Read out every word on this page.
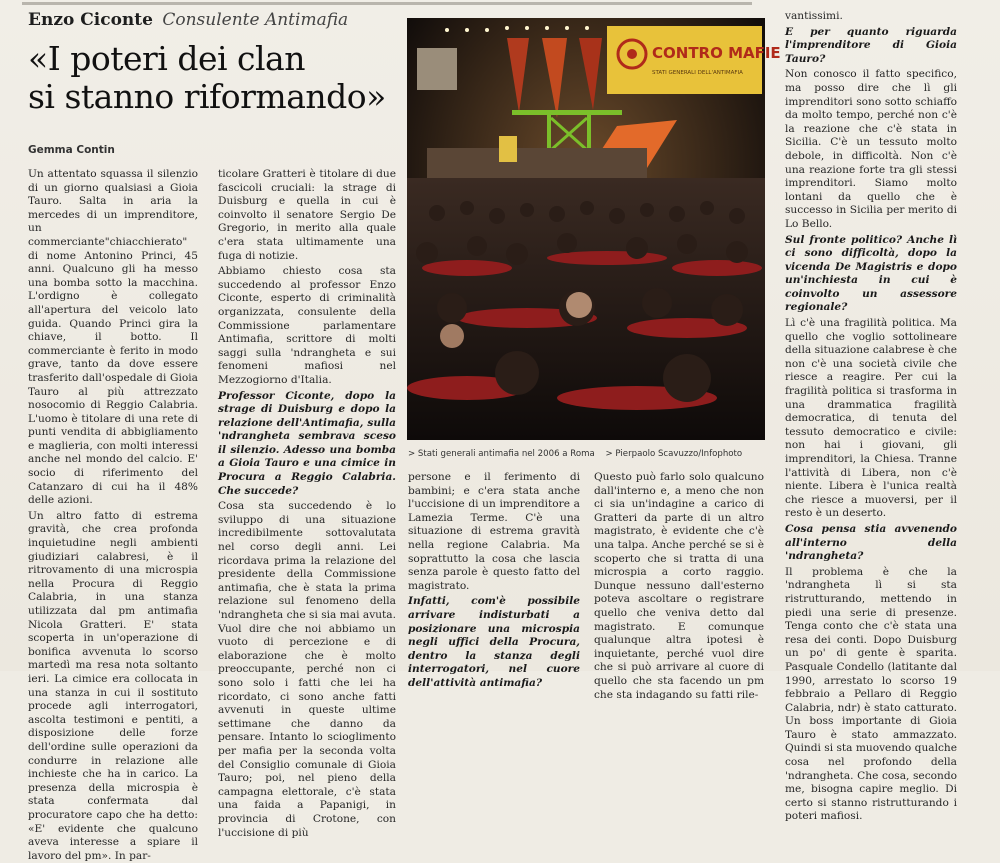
Enzo Ciconte Consulente Antimafia
«I poteri dei clan
si stanno riformando»
Gemma Contin

Un attentato squassa il silenzio di un giorno qualsiasi a Gioia Tauro. Salta in aria la mercedes di un imprenditore, un commerciante"chiacchierato" di nome Antonino Princi, 45 anni. Qualcuno gli ha messo una bomba sotto la macchina. L'ordigno è collegato all'apertura del veicolo lato guida. Quando Princi gira la chiave, il botto. Il commerciante è ferito in modo grave, tanto da dove essere trasferito dall'ospedale di Gioia Tauro al più attrezzato nosocomio di Reggio Calabria. L'uomo è titolare di una rete di punti vendita di abbigliamento e maglieria, con molti interessi anche nel mondo del calcio. E' socio di riferimento del Catanzaro di cui ha il 48% delle azioni.

Un altro fatto di estrema gravità, che crea profonda inquietudine negli ambienti giudiziari calabresi, è il ritrovamento di una microspia nella Procura di Reggio Calabria, in una stanza utilizzata dal pm antimafia Nicola Gratteri. E' stata scoperta in un'operazione di bonifica avvenuta lo scorso martedì ma resa nota soltanto ieri. La cimice era collocata in una stanza in cui il sostituto procede agli interrogatori, ascolta testimoni e pentiti, a disposizione delle forze dell'ordine sulle operazioni da condurre in relazione alle inchieste che ha in carico. La presenza della microspia è stata confermata dal procuratore capo che ha detto: «E' evidente che qualcuno aveva interesse a spiare il lavoro del pm». In par-

ticolare Gratteri è titolare di due fascicoli cruciali: la strage di Duisburg e quella in cui è coinvolto il senatore Sergio De Gregorio, in merito alla quale c'era stata ultimamente una fuga di notizie.

Abbiamo chiesto cosa sta succedendo al professor Enzo Ciconte, esperto di criminalità organizzata, consulente della Commissione parlamentare Antimafia, scrittore di molti saggi sulla 'ndrangheta e sui fenomeni mafiosi nel Mezzogiorno d'Italia.

Professor Ciconte, dopo la strage di Duisburg e dopo la relazione dell'Antimafia, sulla 'ndrangheta sembrava sceso il silenzio. Adesso una bomba a Gioia Tauro e una cimice in Procura a Reggio Calabria. Che succede?

Cosa sta succedendo è lo sviluppo di una situazione incredibilmente sottovalutata nel corso degli anni. Lei ricordava prima la relazione del presidente della Commissione antimafia, che è stata la prima relazione sul fenomeno della 'ndrangheta che si sia mai avuta. Vuol dire che noi abbiamo un vuoto di percezione e di elaborazione che è molto preoccupante, perché non ci sono solo i fatti che lei ha ricordato, ci sono anche fatti avvenuti in queste ultime settimane che danno da pensare. Intanto lo scioglimento per mafia per la seconda volta del Consiglio comunale di Gioia Tauro; poi, nel pieno della campagna elettorale, c'è stata una faida a Papanigi, in provincia di Crotone, con l'uccisione di più

CONTRO MAFIE
STATI GENERALI DELL'ANTIMAFIA
> Stati generali antimafia nel 2006 a Roma > Pierpaolo Scavuzzo/Infophoto

persone e il ferimento di bambini; e c'era stata anche l'uccisione di un imprenditore a Lamezia Terme. C'è una situazione di estrema gravità nella regione Calabria. Ma soprattutto la cosa che lascia senza parole è questo fatto del magistrato.

Infatti, com'è possibile arrivare indisturbati a posizionare una microspia negli uffici della Procura, dentro la stanza degli interrogatori, nel cuore dell'attività antimafia?

Questo può farlo solo qualcuno dall'interno e, a meno che non ci sia un'indagine a carico di Gratteri da parte di un altro magistrato, è evidente che c'è una talpa. Anche perché se si è scoperto che si tratta di una microspia a corto raggio. Dunque nessuno dall'esterno poteva ascoltare o registrare quello che veniva detto dal magistrato. E comunque qualunque altra ipotesi è inquietante, perché vuol dire che si può arrivare al cuore di quello che sta facendo un pm che sta indagando su fatti rile-

vantissimi.

E per quanto riguarda l'imprenditore di Gioia Tauro?

Non conosco il fatto specifico, ma posso dire che lì gli imprenditori sono sotto schiaffo da molto tempo, perché non c'è la reazione che c'è stata in Sicilia. C'è un tessuto molto debole, in difficoltà. Non c'è una reazione forte tra gli stessi imprenditori. Siamo molto lontani da quello che è successo in Sicilia per merito di Lo Bello.

Sul fronte politico? Anche lì ci sono difficoltà, dopo la vicenda De Magistris e dopo un'inchiesta in cui è coinvolto un assessore regionale?

Lì c'è una fragilità politica. Ma quello che voglio sottolineare della situazione calabrese è che non c'è una società civile che riesce a reagire. Per cui la fragilità politica si trasforma in una drammatica fragilità democratica, di tenuta del tessuto democratico e civile: non hai i giovani, gli imprenditori, la Chiesa. Tranne l'attività di Libera, non c'è niente. Libera è l'unica realtà che riesce a muoversi, per il resto è un deserto.

Cosa pensa stia avvenendo all'interno della 'ndrangheta?

Il problema è che la 'ndrangheta lì si sta ristrutturando, mettendo in piedi una serie di presenze. Tenga conto che c'è stata una resa dei conti. Dopo Duisburg un po' di gente è sparita. Pasquale Condello (latitante dal 1990, arrestato lo scorso 19 febbraio a Pellaro di Reggio Calabria, ndr) è stato catturato. Un boss importante di Gioia Tauro è stato ammazzato. Quindi si sta muovendo qualche cosa nel profondo della 'ndrangheta. Che cosa, secondo me, bisogna capire meglio. Di certo si stanno ristrutturando i poteri mafiosi.
